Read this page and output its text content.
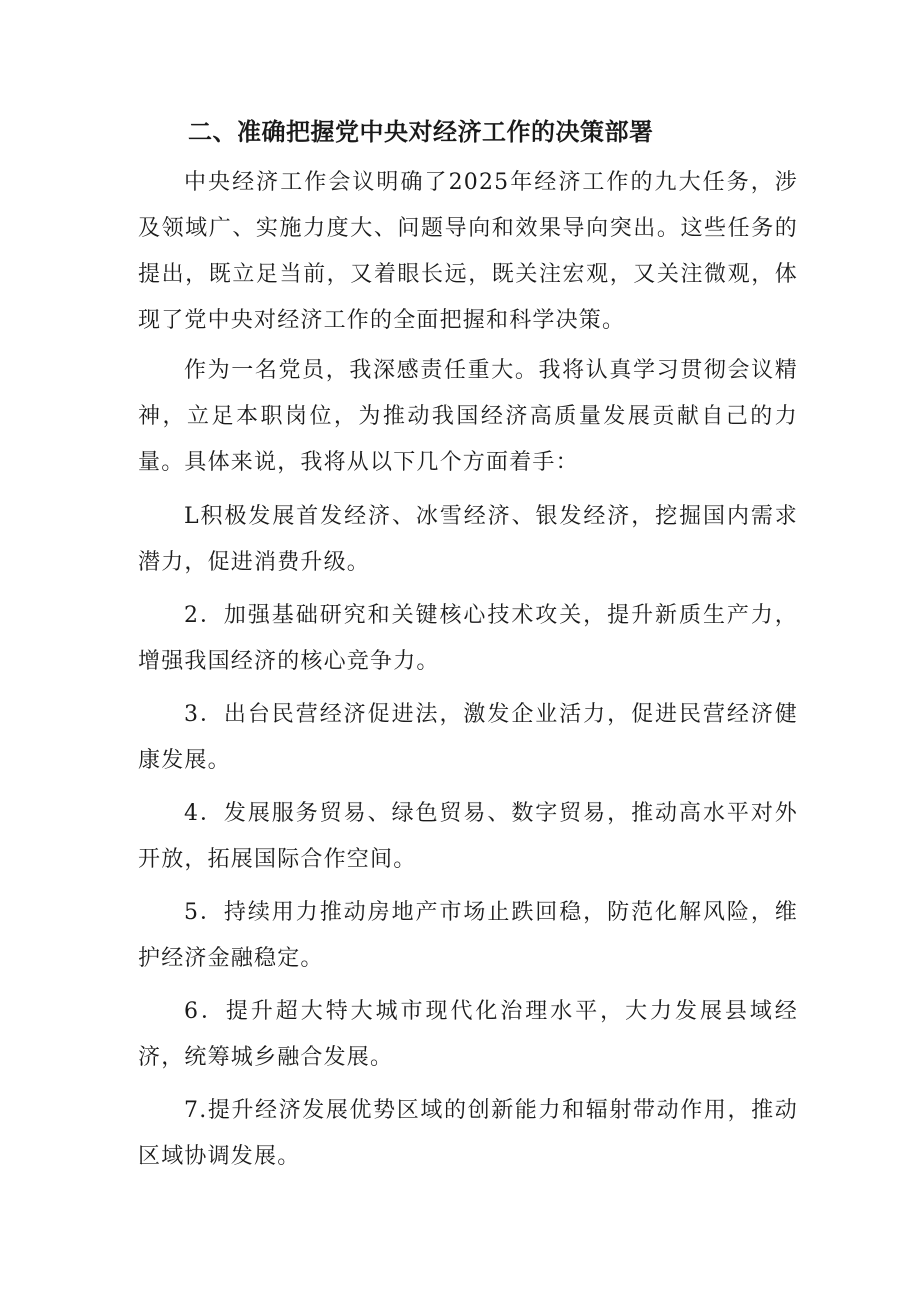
二、准确把握党中央对经济工作的决策部署

中央经济工作会议明确了2025年经济工作的九大任务，涉及领域广、实施力度大、问题导向和效果导向突出。这些任务的提出，既立足当前，又着眼长远，既关注宏观，又关注微观，体现了党中央对经济工作的全面把握和科学决策。

作为一名党员，我深感责任重大。我将认真学习贯彻会议精神，立足本职岗位，为推动我国经济高质量发展贡献自己的力量。具体来说，我将从以下几个方面着手：

L积极发展首发经济、冰雪经济、银发经济，挖掘国内需求潜力，促进消费升级。

2．加强基础研究和关键核心技术攻关，提升新质生产力，增强我国经济的核心竞争力。

3．出台民营经济促进法，激发企业活力，促进民营经济健康发展。

4．发展服务贸易、绿色贸易、数字贸易，推动高水平对外开放，拓展国际合作空间。

5．持续用力推动房地产市场止跌回稳，防范化解风险，维护经济金融稳定。

6．提升超大特大城市现代化治理水平，大力发展县域经济，统筹城乡融合发展。

7.提升经济发展优势区域的创新能力和辐射带动作用，推动区域协调发展。
